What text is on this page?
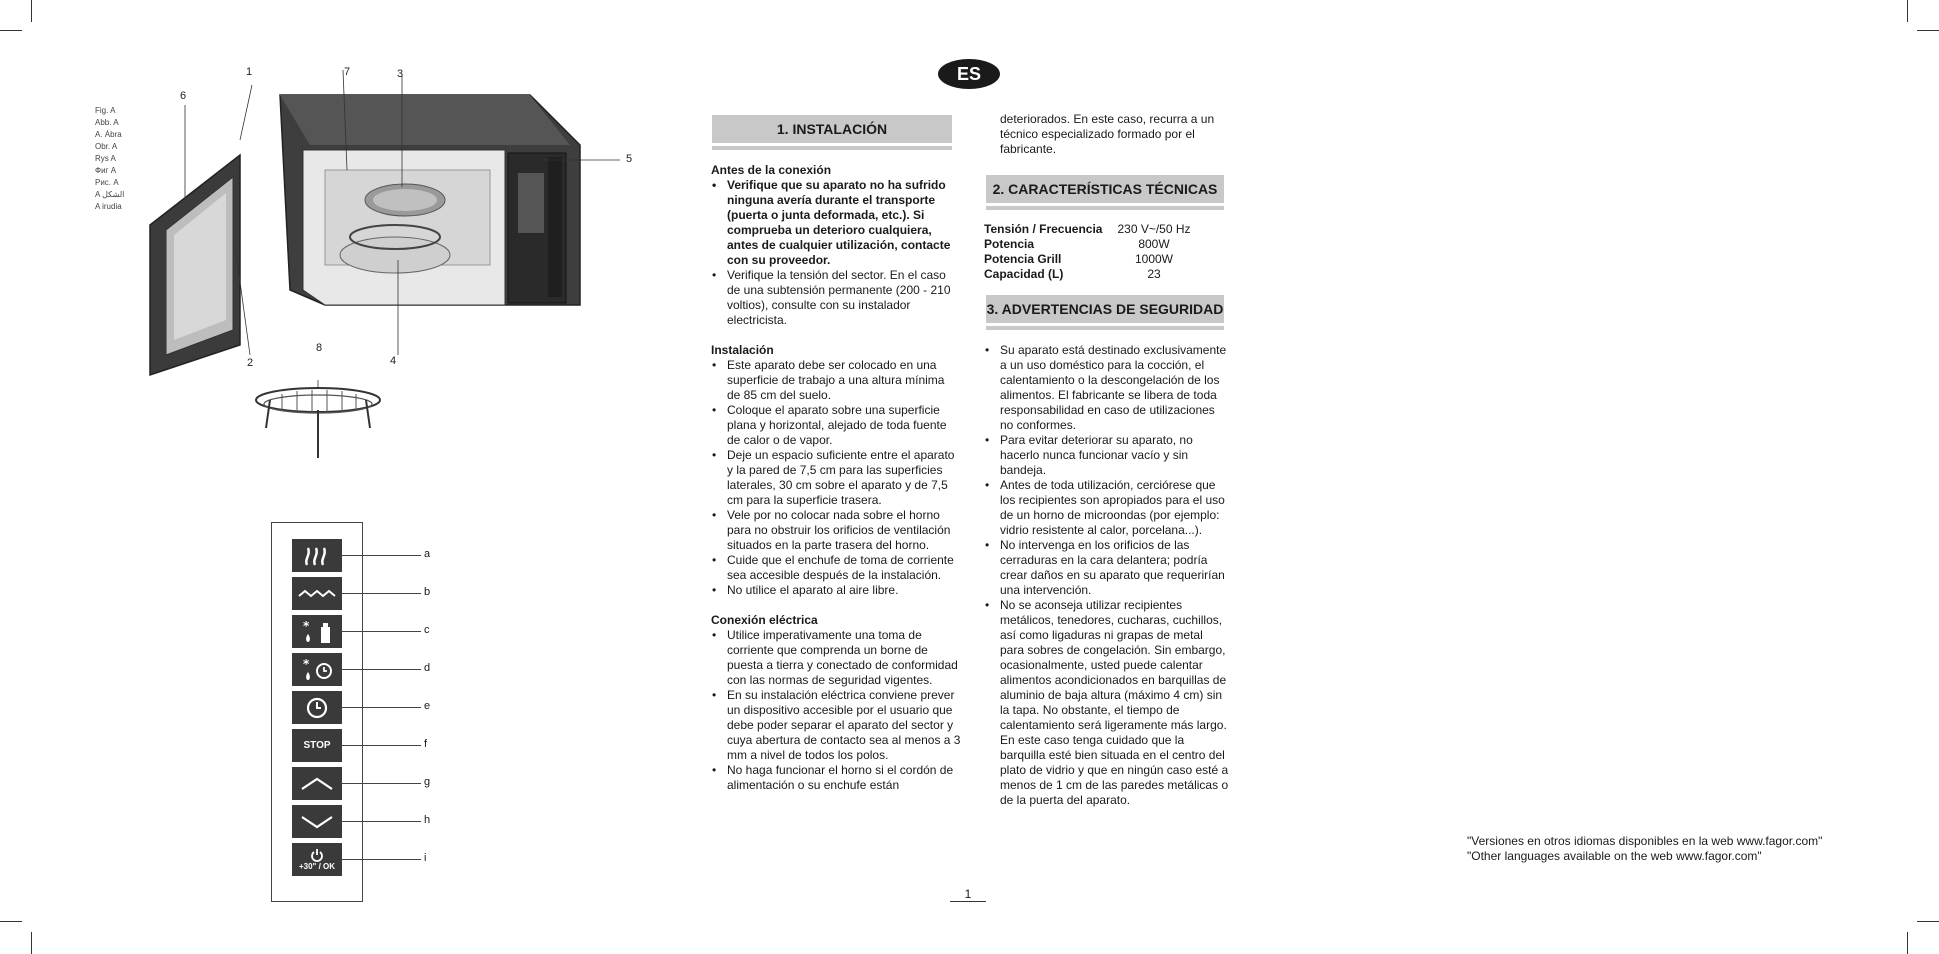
Fig. A
Abb. A
A. Ábra
Obr. A
Rys A
Фиг А
Рис. А
A الشكل
A irudia
1	7	3
6
5
2
8
4
*
*
STOP
+30" / OK
a
b
c
d
e
f
g
h
i
ES
1. INSTALACIÓN
Antes de la conexión
• Verifique que su aparato no ha sufrido ninguna avería durante el transporte (puerta o junta deformada, etc.). Si comprueba un deterioro cualquiera, antes de cualquier utilización, contacte con su proveedor.
• Verifique la tensión del sector. En el caso de una subtensión permanente (200 - 210 voltios), consulte con su instalador electricista.
Instalación
• Este aparato debe ser colocado en una superficie de trabajo a una altura mínima de 85 cm del suelo.
• Coloque el aparato sobre una superficie plana y horizontal, alejado de toda fuente de calor o de vapor.
• Deje un espacio suficiente entre el aparato y la pared de 7,5 cm para las superficies laterales, 30 cm sobre el aparato y de 7,5 cm para la superficie trasera.
• Vele por no colocar nada sobre el horno para no obstruir los orificios de ventilación situados en la parte trasera del horno.
• Cuide que el enchufe de toma de corriente sea accesible después de la instalación.
• No utilice el aparato al aire libre.
Conexión eléctrica
• Utilice imperativamente una toma de corriente que comprenda un borne de puesta a tierra y conectado de conformidad con las normas de seguridad vigentes.
• En su instalación eléctrica conviene prever un dispositivo accesible por el usuario que debe poder separar el aparato del sector y cuya abertura de contacto sea al menos a 3 mm a nivel de todos los polos.
• No haga funcionar el horno si el cordón de alimentación o su enchufe están

deteriorados. En este caso, recurra a un técnico especializado formado por el fabricante.

2. CARACTERÍSTICAS TÉCNICAS
Tensión / Frecuencia	230 V~/50 Hz
Potencia	800W
Potencia Grill	1000W
Capacidad (L)	23
3. ADVERTENCIAS DE SEGURIDAD
• Su aparato está destinado exclusivamente a un uso doméstico para la cocción, el calentamiento o la descongelación de los alimentos. El fabricante se libera de toda responsabilidad en caso de utilizaciones no conformes.
• Para evitar deteriorar su aparato, no hacerlo nunca funcionar vacío y sin bandeja.
• Antes de toda utilización, cerciórese que los recipientes son apropiados para el uso de un horno de microondas (por ejemplo: vidrio resistente al calor, porcelana...).
• No intervenga en los orificios de las cerraduras en la cara delantera; podría crear daños en su aparato que requerirían una intervención.
• No se aconseja utilizar recipientes metálicos, tenedores, cucharas, cuchillos, así como ligaduras ni grapas de metal para sobres de congelación. Sin embargo, ocasionalmente, usted puede calentar alimentos acondicionados en barquillas de aluminio de baja altura (máximo 4 cm) sin la tapa. No obstante, el tiempo de calentamiento será ligeramente más largo. En este caso tenga cuidado que la barquilla esté bien situada en el centro del plato de vidrio y que en ningún caso esté a menos de 1 cm de las paredes metálicas o de la puerta del aparato.
1
"Versiones en otros idiomas disponibles en la web www.fagor.com"
"Other languages available on the web www.fagor.com"
